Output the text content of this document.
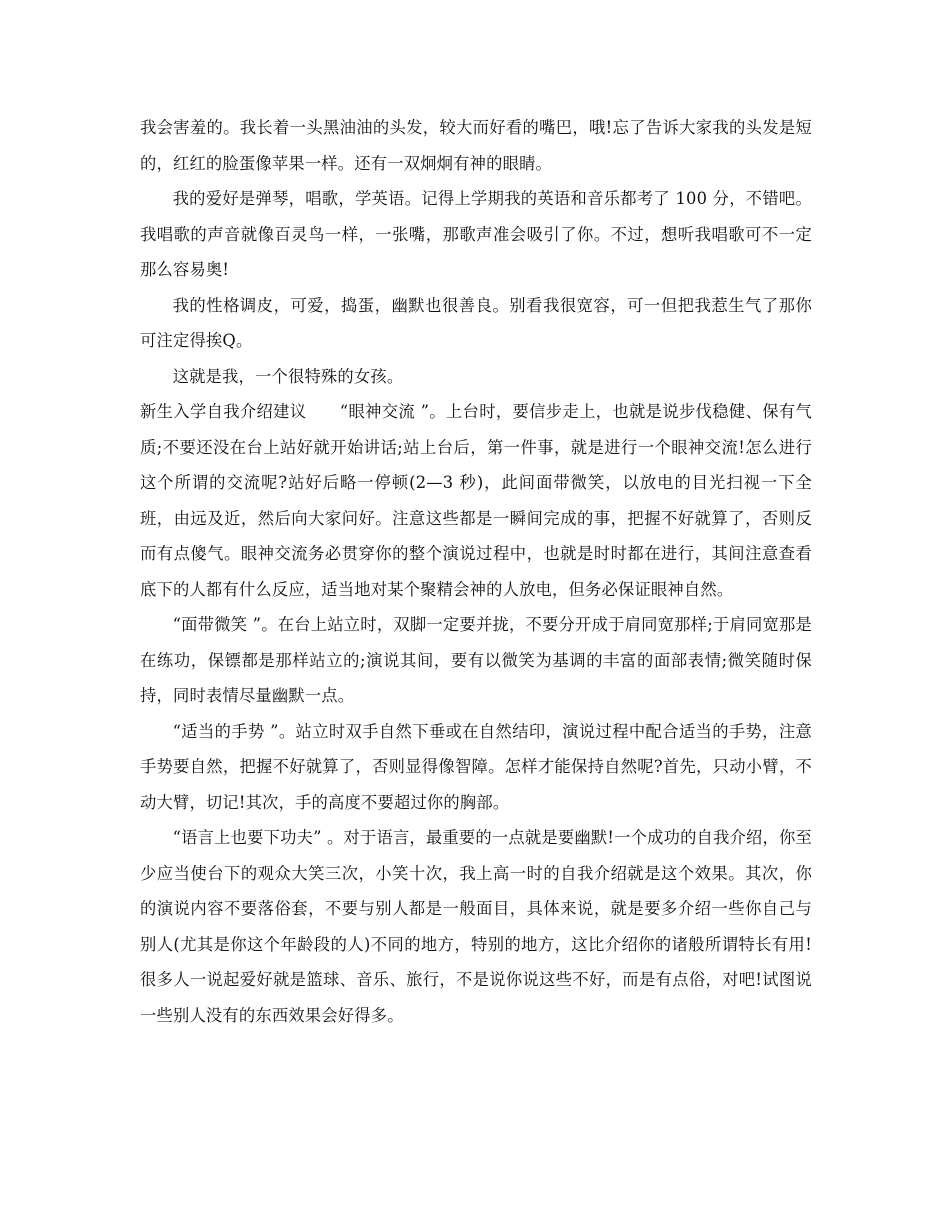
我会害羞的。我长着一头黑油油的头发，较大而好看的嘴巴，哦!忘了告诉大家我的头发是短的，红红的脸蛋像苹果一样。还有一双炯炯有神的眼睛。

我的爱好是弹琴，唱歌，学英语。记得上学期我的英语和音乐都考了 100 分，不错吧。我唱歌的声音就像百灵鸟一样，一张嘴，那歌声准会吸引了你。不过，想听我唱歌可不一定那么容易奥!

我的性格调皮，可爱，捣蛋，幽默也很善良。别看我很宽容，可一但把我惹生气了那你可注定得挨Q。

这就是我，一个很特殊的女孩。

新生入学自我介绍建议　　“眼神交流 ”。上台时，要信步走上，也就是说步伐稳健、保有气质;不要还没在台上站好就开始讲话;站上台后，第一件事，就是进行一个眼神交流!怎么进行这个所谓的交流呢?站好后略一停顿(2—3 秒)，此间面带微笑，以放电的目光扫视一下全班，由远及近，然后向大家问好。注意这些都是一瞬间完成的事，把握不好就算了，否则反而有点傻气。眼神交流务必贯穿你的整个演说过程中，也就是时时都在进行，其间注意查看底下的人都有什么反应，适当地对某个聚精会神的人放电，但务必保证眼神自然。

“面带微笑 ”。在台上站立时，双脚一定要并拢，不要分开成于肩同宽那样;于肩同宽那是在练功，保镖都是那样站立的;演说其间，要有以微笑为基调的丰富的面部表情;微笑随时保持，同时表情尽量幽默一点。

“适当的手势 ”。站立时双手自然下垂或在自然结印，演说过程中配合适当的手势，注意手势要自然，把握不好就算了，否则显得像智障。怎样才能保持自然呢?首先，只动小臂，不动大臂，切记!其次，手的高度不要超过你的胸部。

“语言上也要下功夫” 。对于语言，最重要的一点就是要幽默!一个成功的自我介绍，你至少应当使台下的观众大笑三次，小笑十次，我上高一时的自我介绍就是这个效果。其次，你的演说内容不要落俗套，不要与别人都是一般面目，具体来说，就是要多介绍一些你自己与别人(尤其是你这个年龄段的人)不同的地方，特别的地方，这比介绍你的诸般所谓特长有用!很多人一说起爱好就是篮球、音乐、旅行，不是说你说这些不好，而是有点俗，对吧!试图说一些别人没有的东西效果会好得多。
